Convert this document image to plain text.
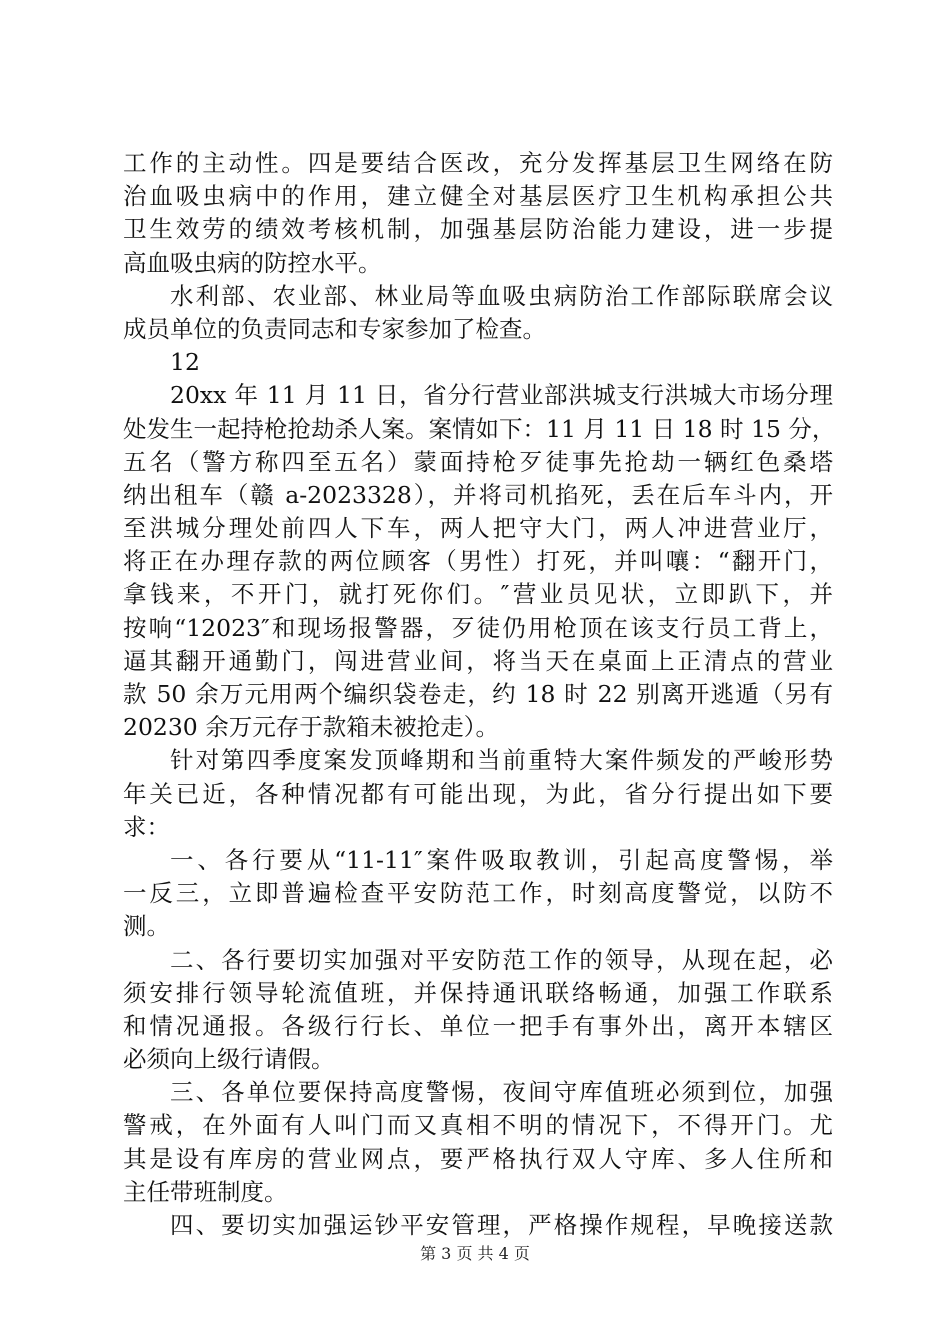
工作的主动性。四是要结合医改，充分发挥基层卫生网络在防
治血吸虫病中的作用，建立健全对基层医疗卫生机构承担公共
卫生效劳的绩效考核机制，加强基层防治能力建设，进一步提
高血吸虫病的防控水平。
水利部、农业部、林业局等血吸虫病防治工作部际联席会议
成员单位的负责同志和专家参加了检查。
12
20xx 年 11 月 11 日，省分行营业部洪城支行洪城大市场分理
处发生一起持枪抢劫杀人案。案情如下：11 月 11 日 18 时 15 分，
五名（警方称四至五名）蒙面持枪歹徒事先抢劫一辆红色桑塔
纳出租车（赣 a-2023328），并将司机掐死，丢在后车斗内，开
至洪城分理处前四人下车，两人把守大门，两人冲进营业厅，
将正在办理存款的两位顾客（男性）打死，并叫嚷：“翻开门，
拿钱来，不开门，就打死你们。″营业员见状，立即趴下，并
按响“12023″和现场报警器，歹徒仍用枪顶在该支行员工背上，
逼其翻开通勤门，闯进营业间，将当天在桌面上正清点的营业
款 50 余万元用两个编织袋卷走，约 18 时 22 别离开逃遁（另有
20230 余万元存于款箱未被抢走）。
针对第四季度案发顶峰期和当前重特大案件频发的严峻形势
年关已近，各种情况都有可能出现，为此，省分行提出如下要
求：
一、各行要从“11-11″案件吸取教训，引起高度警惕，举
一反三，立即普遍检查平安防范工作，时刻高度警觉，以防不
测。
二、各行要切实加强对平安防范工作的领导，从现在起，必
须安排行领导轮流值班，并保持通讯联络畅通，加强工作联系
和情况通报。各级行行长、单位一把手有事外出，离开本辖区
必须向上级行请假。
三、各单位要保持高度警惕，夜间守库值班必须到位，加强
警戒，在外面有人叫门而又真相不明的情况下，不得开门。尤
其是设有库房的营业网点，要严格执行双人守库、多人住所和
主任带班制度。
四、要切实加强运钞平安管理，严格操作规程，早晚接送款
第 3 页 共 4 页
